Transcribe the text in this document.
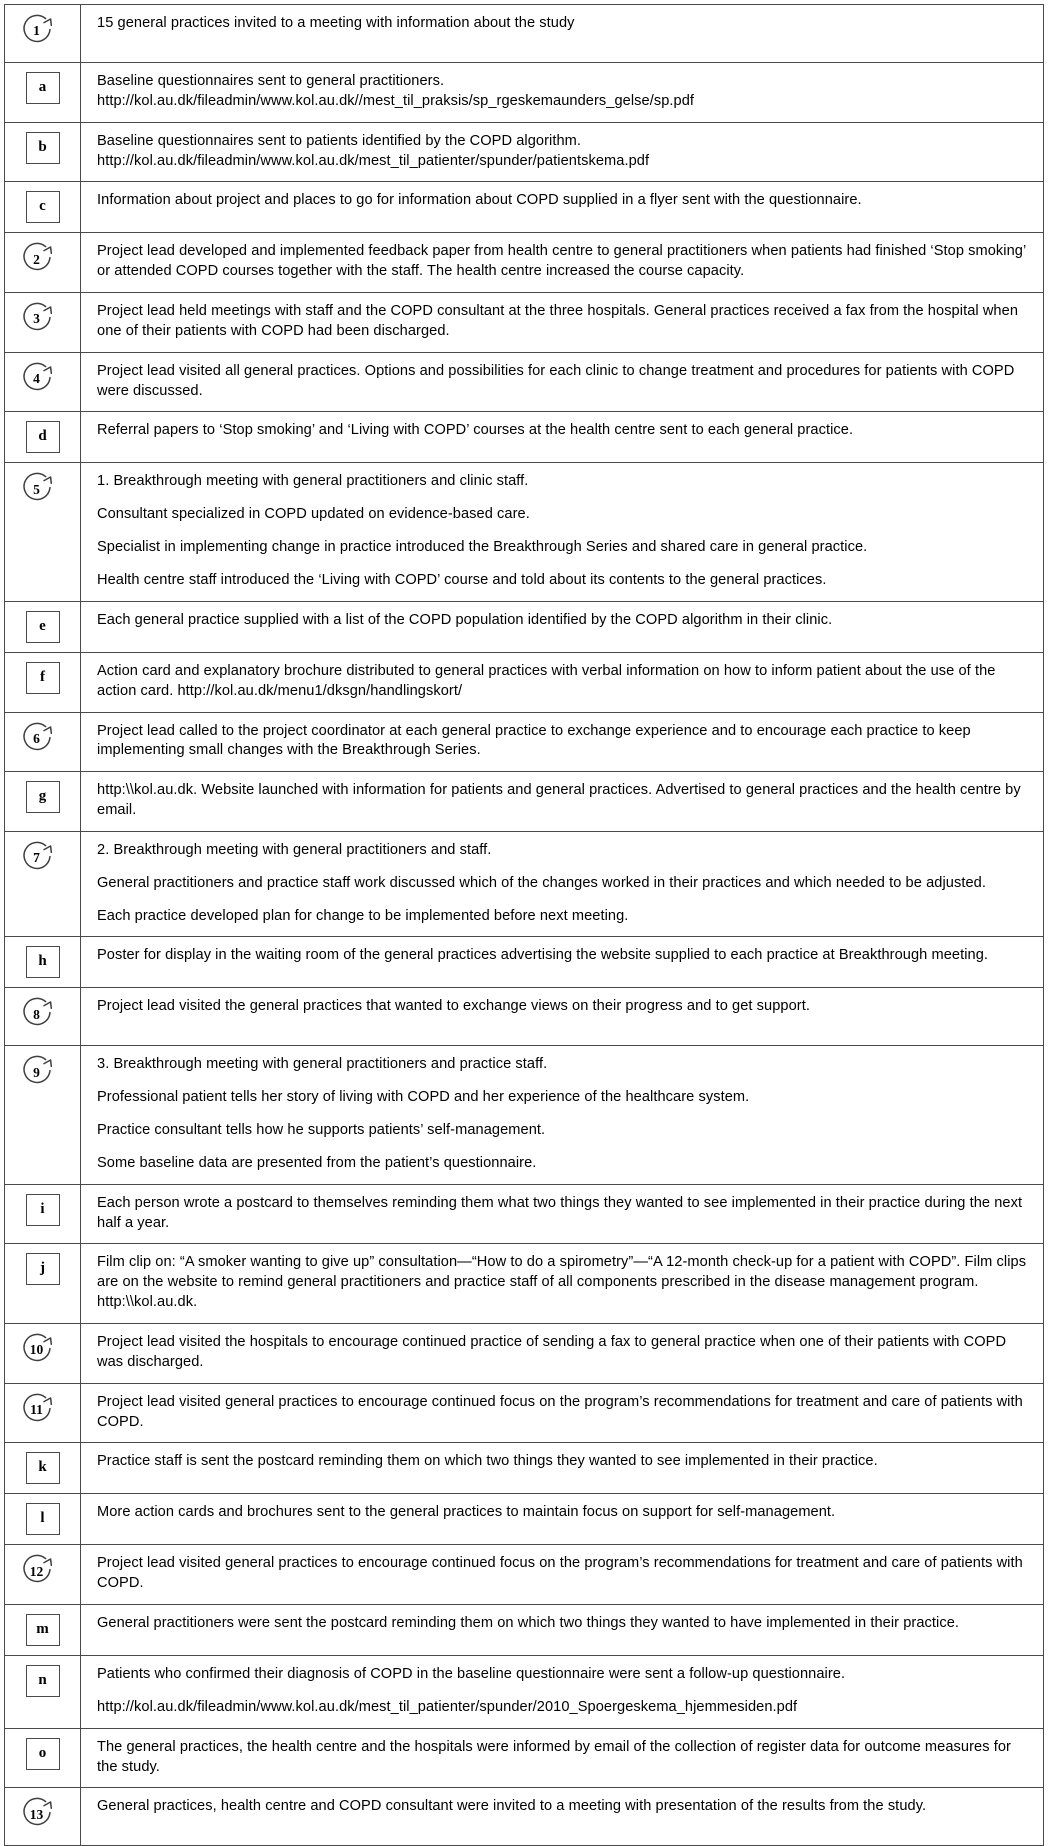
1	15 general practices invited to a meeting with information about the study

a	Baseline questionnaires sent to general practitioners.
http://kol.au.dk/fileadmin/www.kol.au.dk//mest_til_praksis/sp_rgeskemaunders_gelse/sp.pdf

b	Baseline questionnaires sent to patients identified by the COPD algorithm.
http://kol.au.dk/fileadmin/www.kol.au.dk/mest_til_patienter/spunder/patientskema.pdf

c	Information about project and places to go for information about COPD supplied in a flyer sent with the questionnaire.

2	Project lead developed and implemented feedback paper from health centre to general practitioners when patients had finished ‘Stop smoking’ or attended COPD courses together with the staff. The health centre increased the course capacity.

3	Project lead held meetings with staff and the COPD consultant at the three hospitals. General practices received a fax from the hospital when one of their patients with COPD had been discharged.

4	Project lead visited all general practices. Options and possibilities for each clinic to change treatment and procedures for patients with COPD were discussed.

d	Referral papers to ‘Stop smoking’ and ‘Living with COPD’ courses at the health centre sent to each general practice.

5	1. Breakthrough meeting with general practitioners and clinic staff.

Consultant specialized in COPD updated on evidence-based care.

Specialist in implementing change in practice introduced the Breakthrough Series and shared care in general practice.

Health centre staff introduced the ‘Living with COPD’ course and told about its contents to the general practices.

e	Each general practice supplied with a list of the COPD population identified by the COPD algorithm in their clinic.

f	Action card and explanatory brochure distributed to general practices with verbal information on how to inform patient about the use of the action card. http://kol.au.dk/menu1/dksgn/handlingskort/

6	Project lead called to the project coordinator at each general practice to exchange experience and to encourage each practice to keep implementing small changes with the Breakthrough Series.

g	http:\\kol.au.dk. Website launched with information for patients and general practices. Advertised to general practices and the health centre by email.

7	2. Breakthrough meeting with general practitioners and staff.

General practitioners and practice staff work discussed which of the changes worked in their practices and which needed to be adjusted.

Each practice developed plan for change to be implemented before next meeting.

h	Poster for display in the waiting room of the general practices advertising the website supplied to each practice at Breakthrough meeting.

8	Project lead visited the general practices that wanted to exchange views on their progress and to get support.

9	3. Breakthrough meeting with general practitioners and practice staff.

Professional patient tells her story of living with COPD and her experience of the healthcare system.

Practice consultant tells how he supports patients’ self-management.

Some baseline data are presented from the patient’s questionnaire.

i	Each person wrote a postcard to themselves reminding them what two things they wanted to see implemented in their practice during the next half a year.

j	Film clip on: “A smoker wanting to give up” consultation—“How to do a spirometry”—“A 12-month check-up for a patient with COPD”. Film clips are on the website to remind general practitioners and practice staff of all components prescribed in the disease management program. http:\\kol.au.dk.

10	Project lead visited the hospitals to encourage continued practice of sending a fax to general practice when one of their patients with COPD was discharged.

11	Project lead visited general practices to encourage continued focus on the program’s recommendations for treatment and care of patients with COPD.

k	Practice staff is sent the postcard reminding them on which two things they wanted to see implemented in their practice.

l	More action cards and brochures sent to the general practices to maintain focus on support for self-management.

12	Project lead visited general practices to encourage continued focus on the program’s recommendations for treatment and care of patients with COPD.

m	General practitioners were sent the postcard reminding them on which two things they wanted to have implemented in their practice.

n	Patients who confirmed their diagnosis of COPD in the baseline questionnaire were sent a follow-up questionnaire.

http://kol.au.dk/fileadmin/www.kol.au.dk/mest_til_patienter/spunder/2010_Spoergeskema_hjemmesiden.pdf

o	The general practices, the health centre and the hospitals were informed by email of the collection of register data for outcome measures for the study.

13	General practices, health centre and COPD consultant were invited to a meeting with presentation of the results from the study.
